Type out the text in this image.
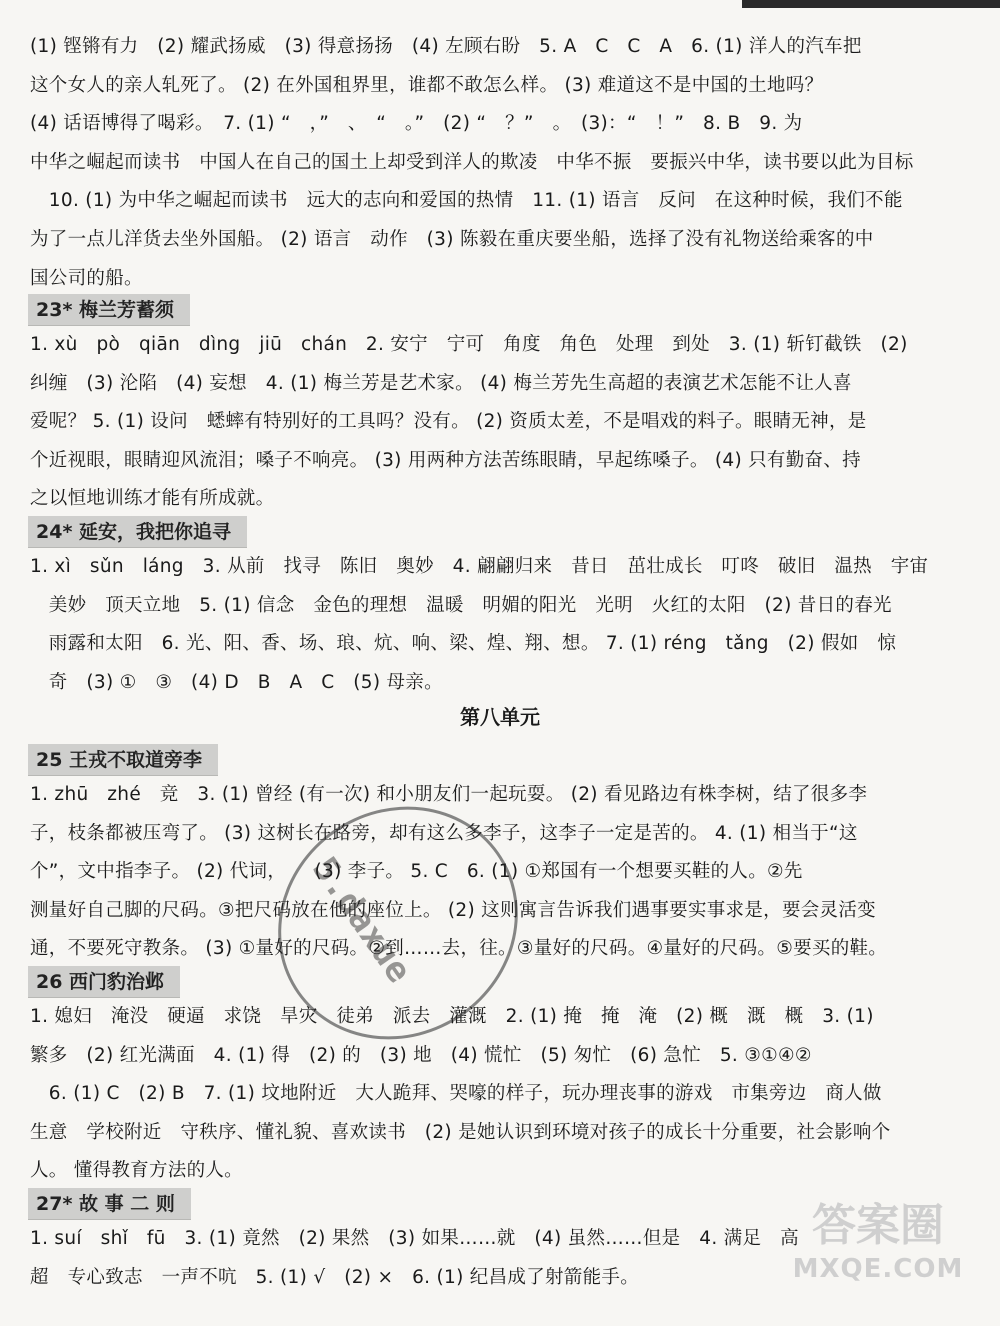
(1) 铿锵有力　(2) 耀武扬威　(3) 得意扬扬　(4) 左顾右盼　5. A　C　C　A　6. (1) 洋人的汽车把
这个女人的亲人轧死了。 (2) 在外国租界里，谁都不敢怎么样。 (3) 难道这不是中国的土地吗？
(4) 话语博得了喝彩。　7. (1) “　，”　、　“　。”　(2) “　？”　。　(3)：“　！”　8. B　9. 为
中华之崛起而读书　中国人在自己的国土上却受到洋人的欺凌　中华不振　要振兴中华，读书要以此为目标
　10. (1) 为中华之崛起而读书　远大的志向和爱国的热情　11. (1) 语言　反问　在这种时候，我们不能
为了一点儿洋货去坐外国船。 (2) 语言　动作　(3) 陈毅在重庆要坐船，选择了没有礼物送给乘客的中
国公司的船。
23* 梅兰芳蓄须
1. xù　pò　qiān　dìng　jiū　chán　2. 安宁　宁可　角度　角色　处理　到处　3. (1) 斩钉截铁　(2)
纠缠　(3) 沦陷　(4) 妄想　4. (1) 梅兰芳是艺术家。 (4) 梅兰芳先生高超的表演艺术怎能不让人喜
爱呢？ 5. (1) 设问　蟋蟀有特别好的工具吗？没有。 (2) 资质太差，不是唱戏的料子。眼睛无神，是
个近视眼，眼睛迎风流泪；嗓子不响亮。 (3) 用两种方法苦练眼睛，早起练嗓子。 (4) 只有勤奋、持
之以恒地训练才能有所成就。
24* 延安，我把你追寻
1. xì　sǔn　láng　3. 从前　找寻　陈旧　奥妙　4. 翩翩归来　昔日　茁壮成长　叮咚　破旧　温热　宇宙
　美妙　顶天立地　5. (1) 信念　金色的理想　温暖　明媚的阳光　光明　火红的太阳　(2) 昔日的春光
　雨露和太阳　6. 光、阳、香、场、琅、炕、响、梁、煌、翔、想。 7. (1) réng　tǎng　(2) 假如　惊
　奇　(3) ①　③　(4) D　B　A　C　(5) 母亲。
第八单元
25 王戎不取道旁李
1. zhū　zhé　竞　3. (1) 曾经 (有一次) 和小朋友们一起玩耍。 (2) 看见路边有株李树，结了很多李
子，枝条都被压弯了。 (3) 这树长在路旁，却有这么多李子，这李子一定是苦的。 4. (1) 相当于“这
个”，文中指李子。 (2) 代词，　　(3) 李子。 5. C　6. (1) ①郑国有一个想要买鞋的人。②先
测量好自己脚的尺码。③把尺码放在他的座位上。 (2) 这则寓言告诉我们遇事要实事求是，要会灵活变
通，不要死守教条。 (3) ①量好的尺码。②到……去，往。③量好的尺码。④量好的尺码。⑤要买的鞋。
26 西门豹治邺
1. 媳妇　淹没　硬逼　求饶　旱灾　徒弟　派去　灌溉　2. (1) 掩　掩　淹　(2) 概　溉　概　3. (1)
繁多　(2) 红光满面　4. (1) 得　(2) 的　(3) 地　(4) 慌忙　(5) 匆忙　(6) 急忙　5. ③①④②
　6. (1) C　(2) B　7. (1) 坟地附近　大人跪拜、哭嚎的样子，玩办理丧事的游戏　市集旁边　商人做
生意　学校附近　守秩序、懂礼貌、喜欢读书　(2) 是她认识到环境对孩子的成长十分重要，社会影响个
人。 懂得教育方法的人。
27* 故 事 二 则
1. suí　shǐ　fū　3. (1) 竟然　(2) 果然　(3) 如果……就　(4) 虽然……但是　4. 满足　高
超　专心致志　一声不吭　5. (1) √　(2) ×　6. (1) 纪昌成了射箭能手。
5.daxue
答案圈
MXQE.COM
